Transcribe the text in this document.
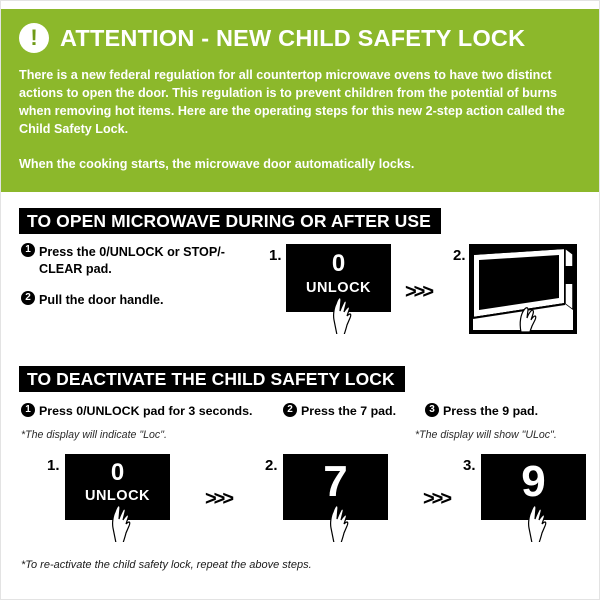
! ATTENTION - NEW CHILD SAFETY LOCK
There is a new federal regulation for all countertop microwave ovens to have two distinct actions to open the door. This regulation is to prevent children from the potential of burns when removing hot items. Here are the operating steps for this new 2-step action called the Child Safety Lock.
When the cooking starts, the microwave door automatically locks.
TO OPEN MICROWAVE DURING OR AFTER USE
1 Press the 0/UNLOCK or STOP/-CLEAR pad.
2 Pull the door handle.
1.	0
UNLOCK	>>>
2.
TO DEACTIVATE THE CHILD SAFETY LOCK
1 Press 0/UNLOCK pad for 3 seconds.	2 Press the 7 pad.	3 Press the 9 pad.
*The display will indicate "Loc".	*The display will show "ULoc".
1.	0
UNLOCK	>>>
2.	7	>>>
3.	9
*To re-activate the child safety lock, repeat the above steps.
